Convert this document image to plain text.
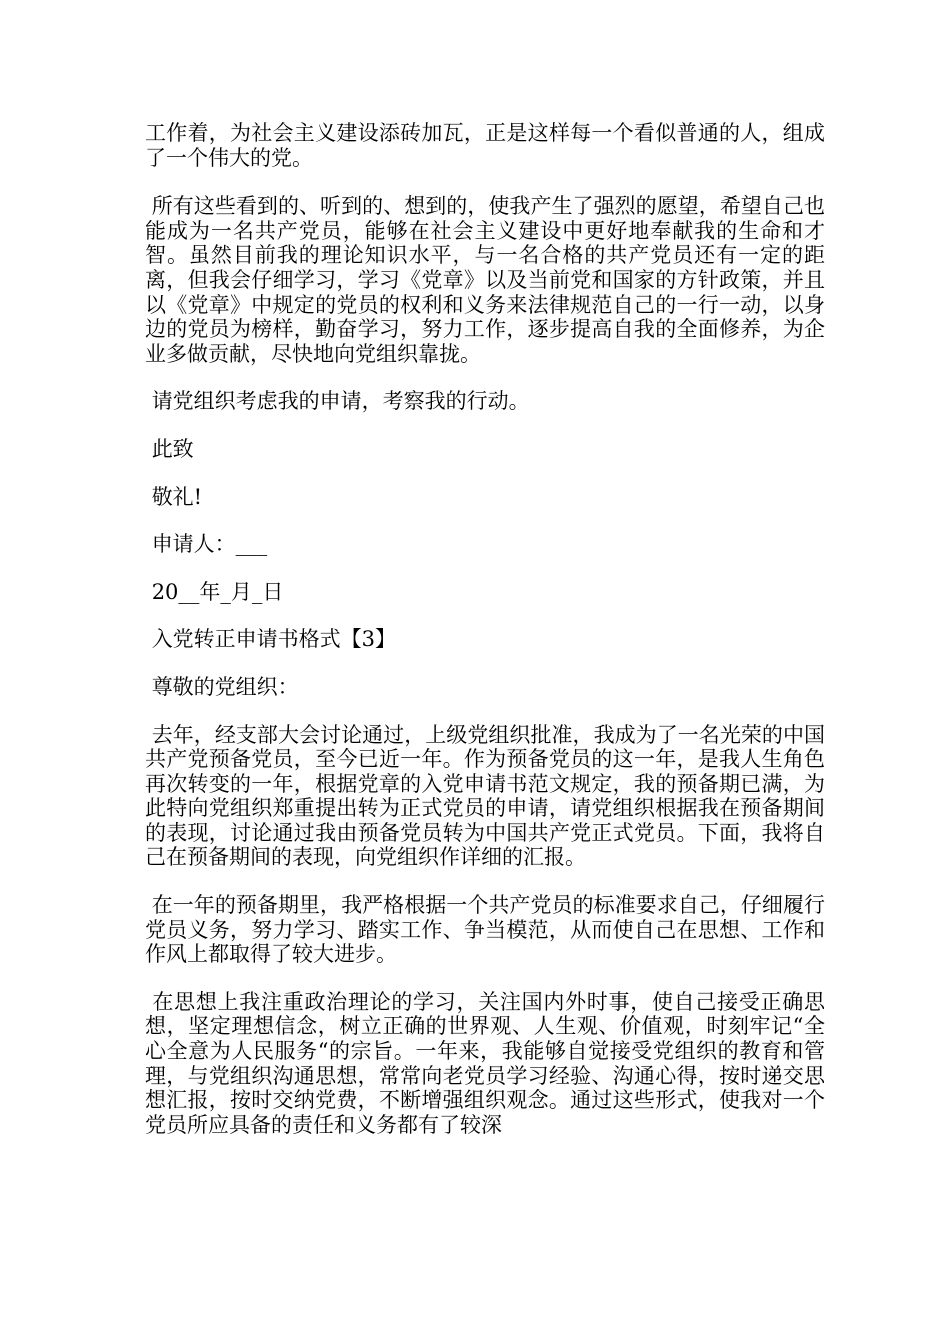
工作着，为社会主义建设添砖加瓦，正是这样每一个看似普通的人，组成了一个伟大的党。

所有这些看到的、听到的、想到的，使我产生了强烈的愿望，希望自己也能成为一名共产党员，能够在社会主义建设中更好地奉献我的生命和才智。虽然目前我的理论知识水平，与一名合格的共产党员还有一定的距离，但我会仔细学习，学习《党章》以及当前党和国家的方针政策，并且以《党章》中规定的党员的权利和义务来法律规范自己的一行一动，以身边的党员为榜样，勤奋学习，努力工作，逐步提高自我的全面修养，为企业多做贡献，尽快地向党组织靠拢。

请党组织考虑我的申请，考察我的行动。

此致

敬礼!

申请人：___

20__年_月_日

入党转正申请书格式【3】

尊敬的党组织：

去年，经支部大会讨论通过，上级党组织批准，我成为了一名光荣的中国共产党预备党员，至今已近一年。作为预备党员的这一年，是我人生角色再次转变的一年，根据党章的入党申请书范文规定，我的预备期已满，为此特向党组织郑重提出转为正式党员的申请，请党组织根据我在预备期间的表现，讨论通过我由预备党员转为中国共产党正式党员。下面，我将自己在预备期间的表现，向党组织作详细的汇报。

在一年的预备期里，我严格根据一个共产党员的标准要求自己，仔细履行党员义务，努力学习、踏实工作、争当模范，从而使自己在思想、工作和作风上都取得了较大进步。

在思想上我注重政治理论的学习，关注国内外时事，使自己接受正确思想，坚定理想信念，树立正确的世界观、人生观、价值观，时刻牢记“全心全意为人民服务“的宗旨。一年来，我能够自觉接受党组织的教育和管理，与党组织沟通思想，常常向老党员学习经验、沟通心得，按时递交思想汇报，按时交纳党费，不断增强组织观念。通过这些形式，使我对一个党员所应具备的责任和义务都有了较深
